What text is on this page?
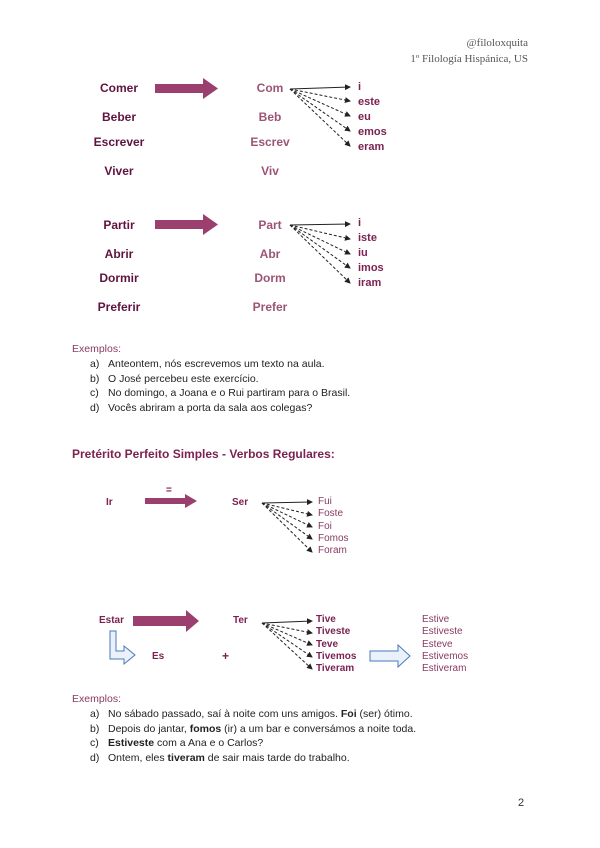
@filoloxquita
1º Filología Hispánica, US
Comer
Beber
Escrever
Viver
Com
Beb
Escrev
Viv
i
este
eu
emos
eram
Partir
Abrir
Dormir
Preferir
Part
Abr
Dorm
Prefer
i
iste
iu
imos
iram
Exemplos:
a) Anteontem, nós escrevemos um texto na aula.
b) O José percebeu este exercício.
c) No domingo, a Joana e o Rui partiram para o Brasil.
d) Vocês abriram a porta da sala aos colegas?
Pretérito Perfeito Simples - Verbos Regulares:
Ir
=
Ser	Fui
Foste
Foi
Fomos
Foram
Estar	Ter
Es	+
Tive
Tiveste
Teve
Tivemos
Tiveram
Estive
Estiveste
Esteve
Estivemos
Estiveram
Exemplos:
a) No sábado passado, saí à noite com uns amigos. Foi (ser) ótimo.
b) Depois do jantar, fomos (ir) a um bar e conversámos a noite toda.
c) Estiveste com a Ana e o Carlos?
d) Ontem, eles tiveram de sair mais tarde do trabalho.
2
